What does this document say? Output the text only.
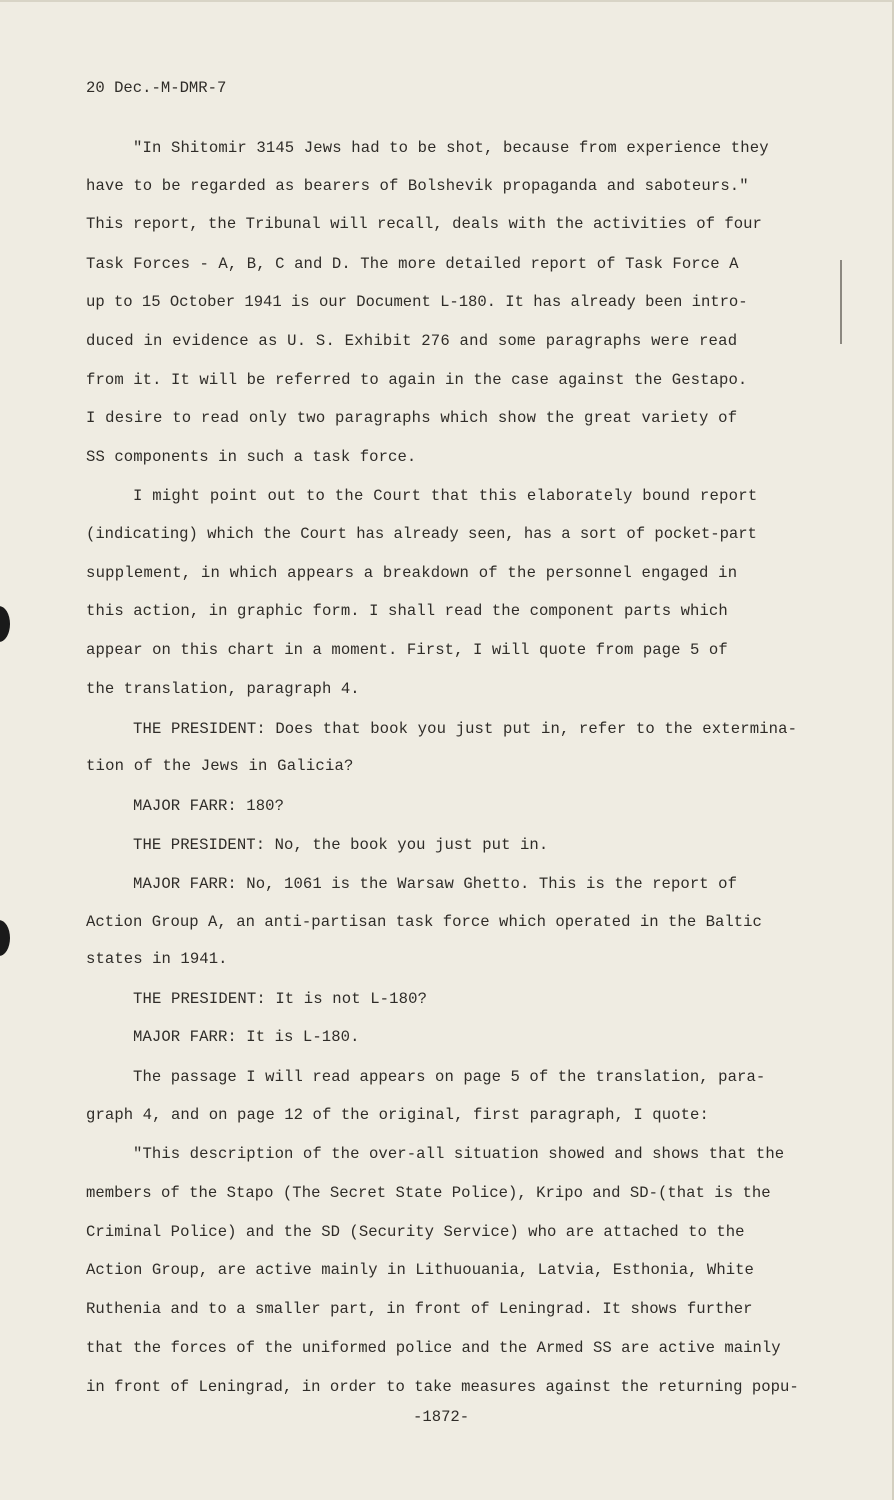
20 Dec.-M-DMR-7

"In Shitomir 3145 Jews had to be shot, because from experience they

have to be regarded as bearers of Bolshevik propaganda and saboteurs."

This report, the Tribunal will recall, deals with the activities of four

Task Forces - A, B, C and D. The more detailed report of Task Force A

up to 15 October 1941 is our Document L-180. It has already been intro-

duced in evidence as U. S. Exhibit 276 and some paragraphs were read

from it. It will be referred to again in the case against the Gestapo.

I desire to read only two paragraphs which show the great variety of

SS components in such a task force.

I might point out to the Court that this elaborately bound report

(indicating) which the Court has already seen, has a sort of pocket-part

supplement, in which appears a breakdown of the personnel engaged in

this action, in graphic form. I shall read the component parts which

appear on this chart in a moment. First, I will quote from page 5 of

the translation, paragraph 4.

THE PRESIDENT: Does that book you just put in, refer to the extermina-

tion of the Jews in Galicia?

MAJOR FARR: 180?

THE PRESIDENT: No, the book you just put in.

MAJOR FARR: No, 1061 is the Warsaw Ghetto. This is the report of

Action Group A, an anti-partisan task force which operated in the Baltic

states in 1941.

THE PRESIDENT: It is not L-180?

MAJOR FARR: It is L-180.

The passage I will read appears on page 5 of the translation, para-

graph 4, and on page 12 of the original, first paragraph, I quote:

"This description of the over-all situation showed and shows that the

members of the Stapo (The Secret State Police), Kripo and SD-(that is the

Criminal Police) and the SD (Security Service) who are attached to the

Action Group, are active mainly in Lithuouania, Latvia, Esthonia, White

Ruthenia and to a smaller part, in front of Leningrad. It shows further

that the forces of the uniformed police and the Armed SS are active mainly

in front of Leningrad, in order to take measures against the returning popu-

-1872-
